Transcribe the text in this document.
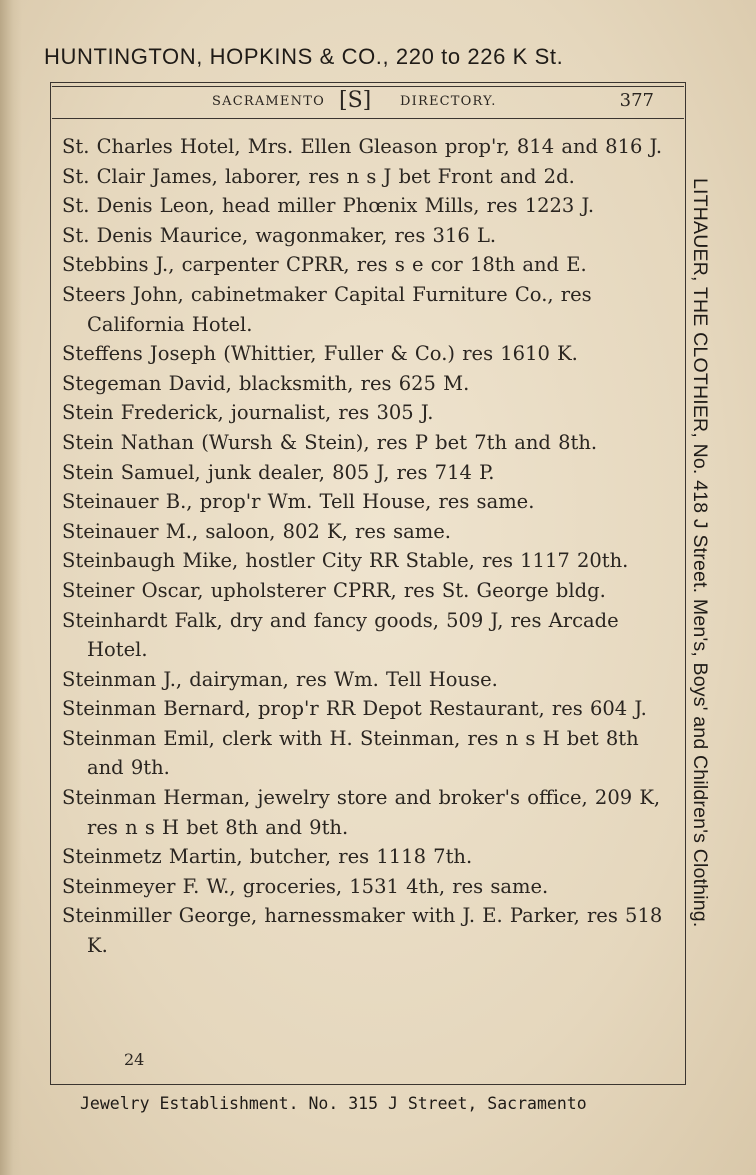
HUNTINGTON, HOPKINS & CO., 220 to 226 K St.
SACRAMENTO [S] DIRECTORY.	377

St. Charles Hotel, Mrs. Ellen Gleason prop'r, 814 and 816 J.

St. Clair James, laborer, res n s J bet Front and 2d.

St. Denis Leon, head miller Phœnix Mills, res 1223 J.

St. Denis Maurice, wagonmaker, res 316 L.

Stebbins J., carpenter CPRR, res s e cor 18th and E.

Steers John, cabinetmaker Capital Furniture Co., res California Hotel.

Steffens Joseph (Whittier, Fuller & Co.) res 1610 K.

Stegeman David, blacksmith, res 625 M.

Stein Frederick, journalist, res 305 J.

Stein Nathan (Wursh & Stein), res P bet 7th and 8th.

Stein Samuel, junk dealer, 805 J, res 714 P.

Steinauer B., prop'r Wm. Tell House, res same.

Steinauer M., saloon, 802 K, res same.

Steinbaugh Mike, hostler City RR Stable, res 1117 20th.

Steiner Oscar, upholsterer CPRR, res St. George bldg.

Steinhardt Falk, dry and fancy goods, 509 J, res Arcade Hotel.

Steinman J., dairyman, res Wm. Tell House.

Steinman Bernard, prop'r RR Depot Restaurant, res 604 J.

Steinman Emil, clerk with H. Steinman, res n s H bet 8th and 9th.

Steinman Herman, jewelry store and broker's office, 209 K, res n s H bet 8th and 9th.

Steinmetz Martin, butcher, res 1118 7th.

Steinmeyer F. W., groceries, 1531 4th, res same.

Steinmiller George, harnessmaker with J. E. Parker, res 518 K.

24
LITHAUER, THE CLOTHIER, No. 418 J Street. Men's, Boys' and Children's Clothing.
Jewelry Establishment. No. 315 J Street, Sacramento
